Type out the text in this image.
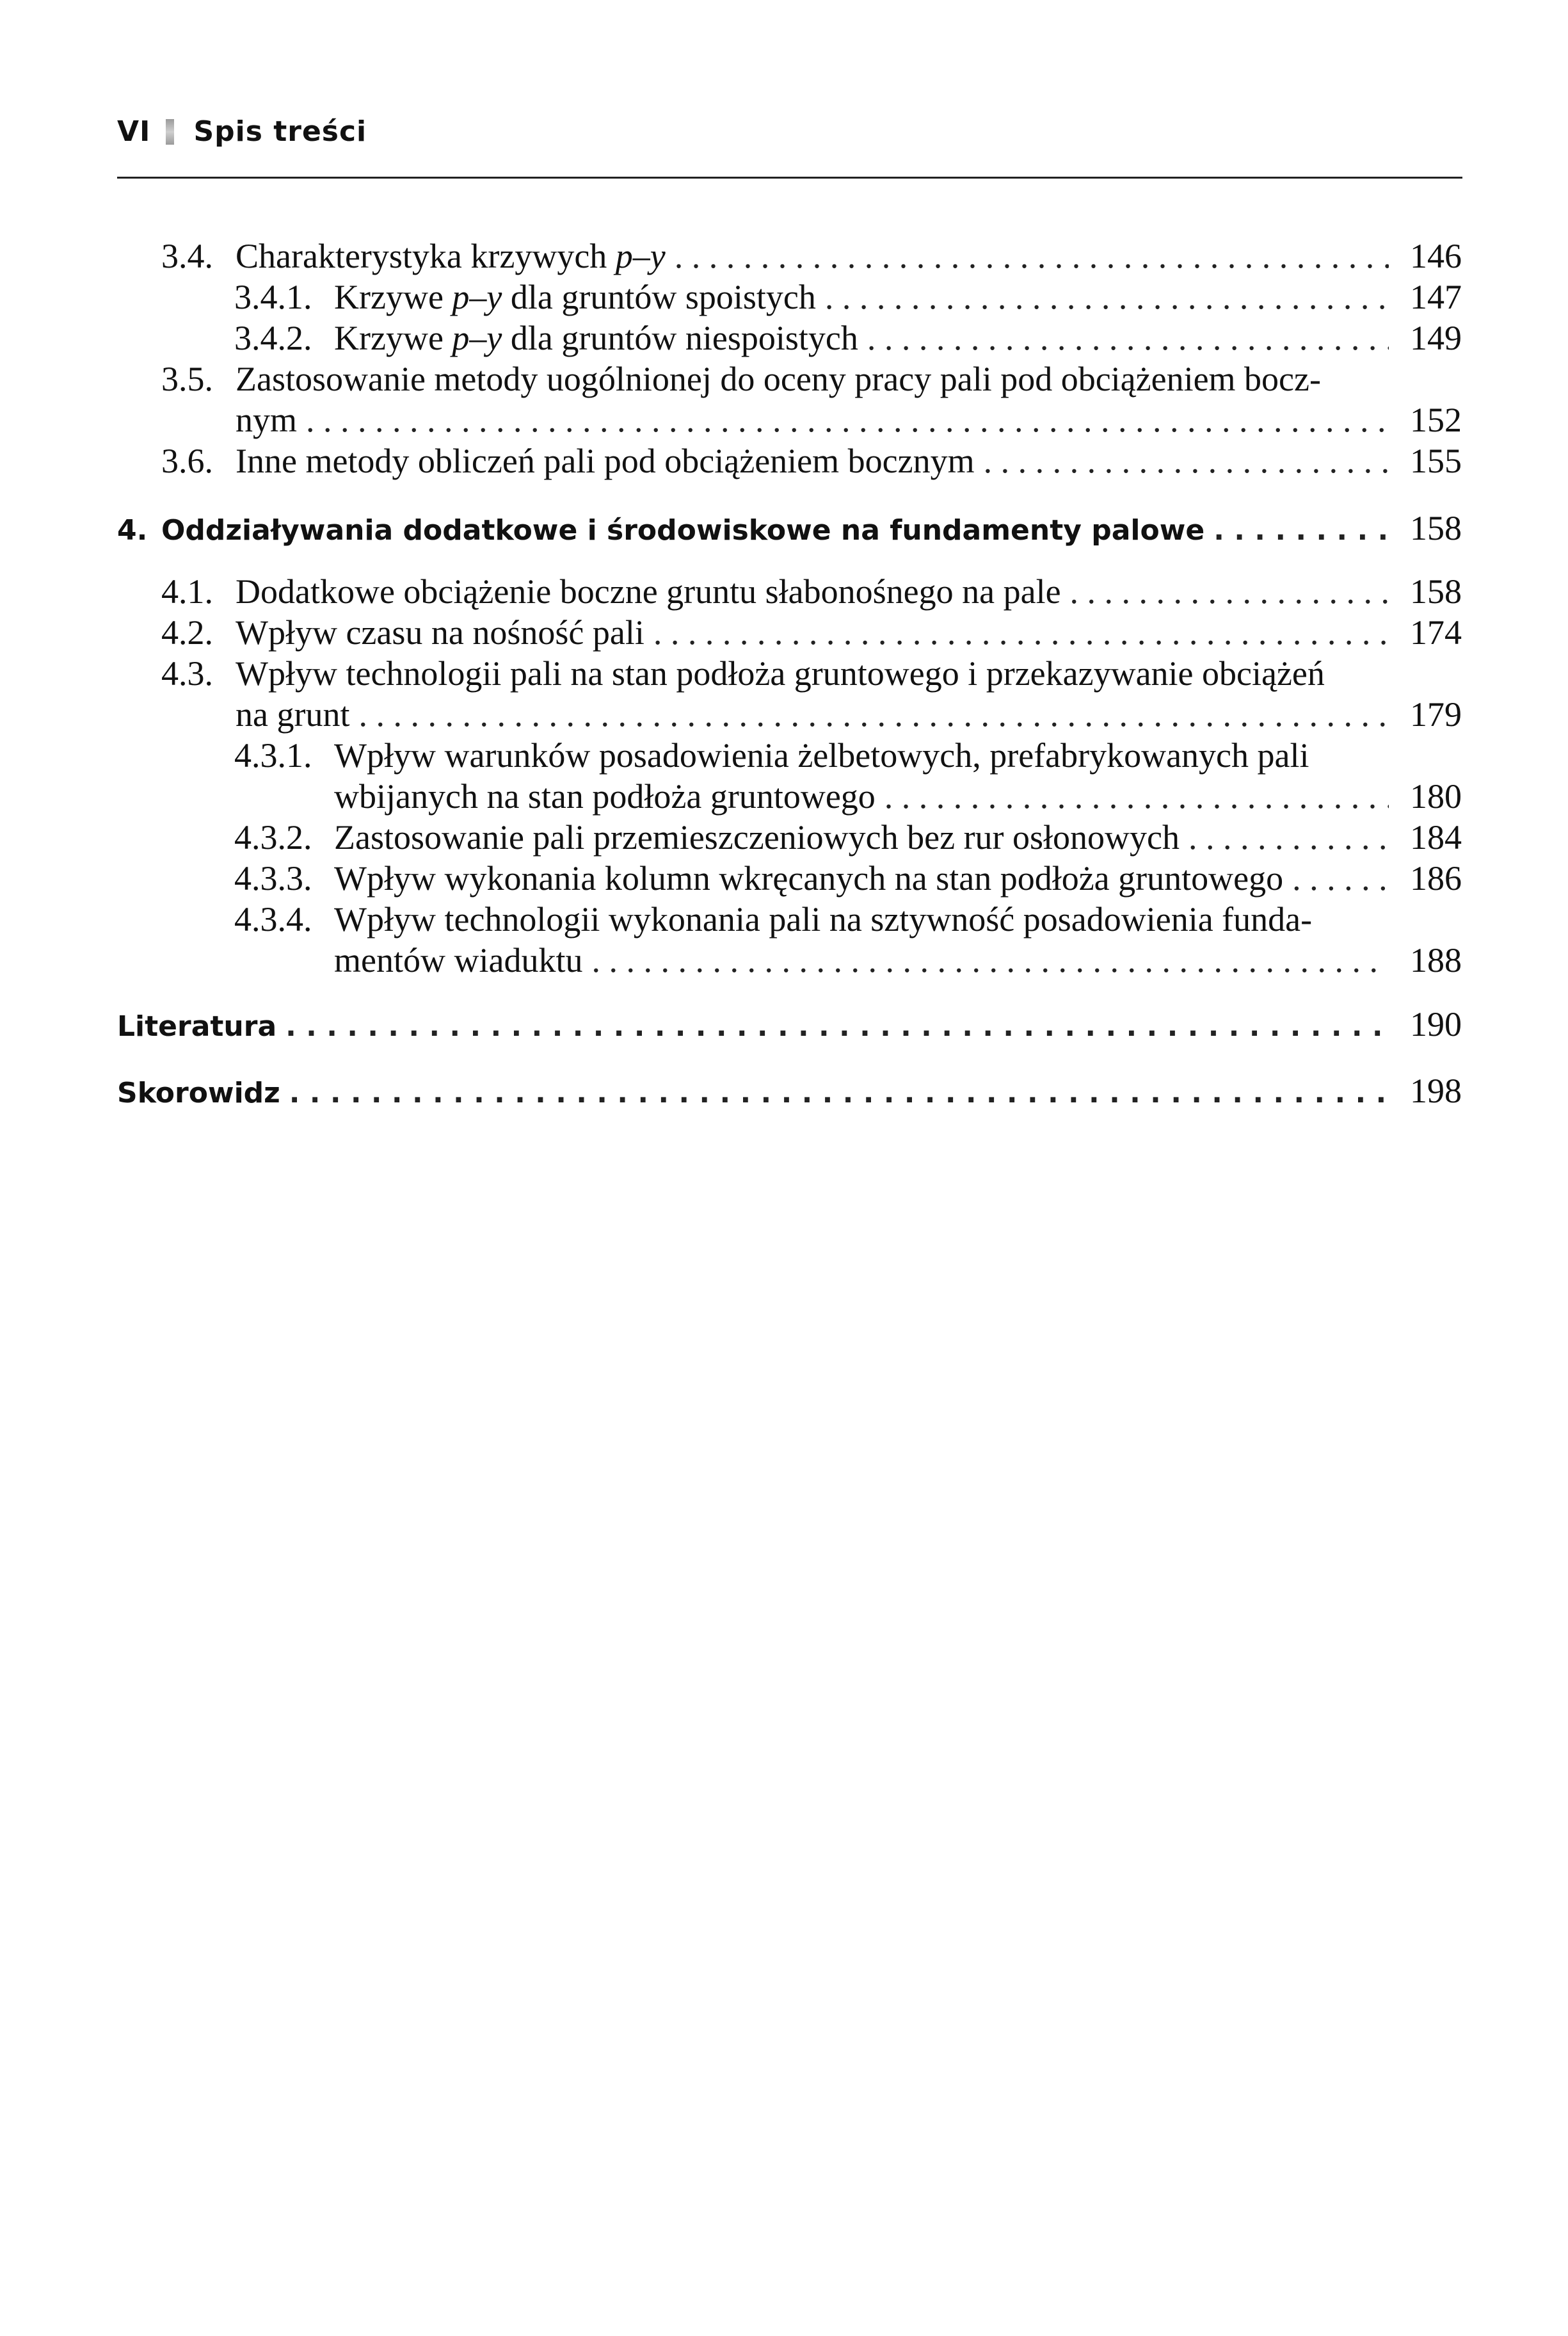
VI Spis treści
3.4. Charakterystyka krzywych p–y . . .	146
3.4.1. Krzywe p–y dla gruntów spoistych . . .	147
3.4.2. Krzywe p–y dla gruntów niespoistych . . .	149
3.5. Zastosowanie metody uogólnionej do oceny pracy pali pod obciążeniem bocz-
nym . . .	152
3.6. Inne metody obliczeń pali pod obciążeniem bocznym . . .	155
4. Oddziaływania dodatkowe i środowiskowe na fundamenty palowe . . .	158
4.1. Dodatkowe obciążenie boczne gruntu słabonośnego na pale . . .	158
4.2. Wpływ czasu na nośność pali . . .	174
4.3. Wpływ technologii pali na stan podłoża gruntowego i przekazywanie obciążeń
na grunt . . .	179
4.3.1. Wpływ warunków posadowienia żelbetowych, prefabrykowanych pali
wbijanych na stan podłoża gruntowego . . .	180
4.3.2. Zastosowanie pali przemieszczeniowych bez rur osłonowych . . .	184
4.3.3. Wpływ wykonania kolumn wkręcanych na stan podłoża gruntowego . . .	186
4.3.4. Wpływ technologii wykonania pali na sztywność posadowienia funda-
mentów wiaduktu . . .	188
Literatura . . .	190
Skorowidz . . .	198
